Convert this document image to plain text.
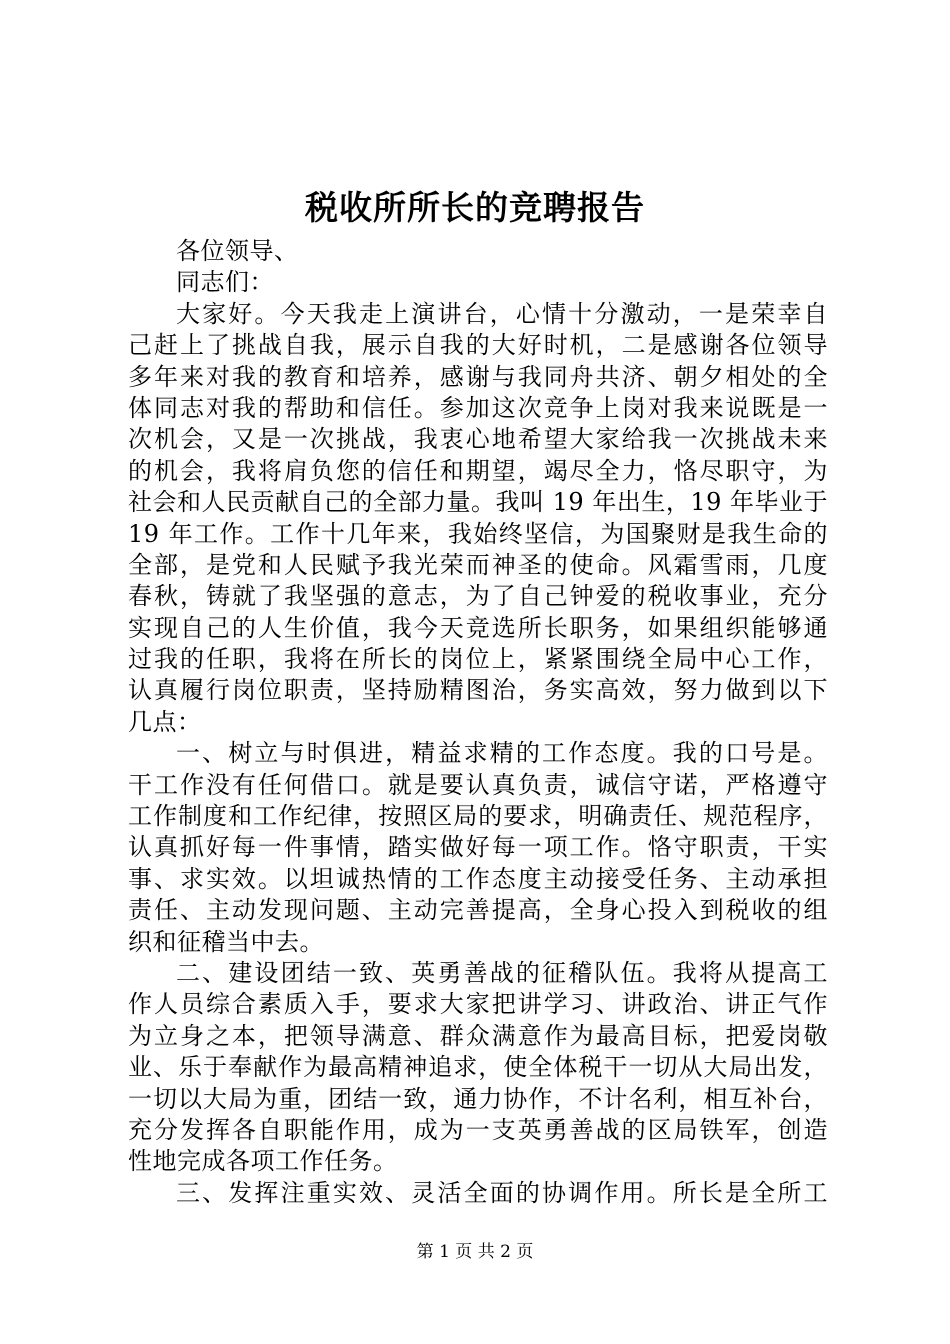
税收所所长的竞聘报告
各位领导、
同志们：
大家好。今天我走上演讲台，心情十分激动，一是荣幸自
己赶上了挑战自我，展示自我的大好时机，二是感谢各位领导
多年来对我的教育和培养，感谢与我同舟共济、朝夕相处的全
体同志对我的帮助和信任。参加这次竞争上岗对我来说既是一
次机会，又是一次挑战，我衷心地希望大家给我一次挑战未来
的机会，我将肩负您的信任和期望，竭尽全力，恪尽职守，为
社会和人民贡献自己的全部力量。我叫 19 年出生，19 年毕业于
19 年工作。工作十几年来，我始终坚信，为国聚财是我生命的
全部，是党和人民赋予我光荣而神圣的使命。风霜雪雨，几度
春秋，铸就了我坚强的意志，为了自己钟爱的税收事业，充分
实现自己的人生价值，我今天竞选所长职务，如果组织能够通
过我的任职，我将在所长的岗位上，紧紧围绕全局中心工作，
认真履行岗位职责，坚持励精图治，务实高效，努力做到以下
几点：
一、树立与时俱进，精益求精的工作态度。我的口号是。
干工作没有任何借口。就是要认真负责，诚信守诺，严格遵守
工作制度和工作纪律，按照区局的要求，明确责任、规范程序，
认真抓好每一件事情，踏实做好每一项工作。恪守职责，干实
事、求实效。以坦诚热情的工作态度主动接受任务、主动承担
责任、主动发现问题、主动完善提高，全身心投入到税收的组
织和征稽当中去。
二、建设团结一致、英勇善战的征稽队伍。我将从提高工
作人员综合素质入手，要求大家把讲学习、讲政治、讲正气作
为立身之本，把领导满意、群众满意作为最高目标，把爱岗敬
业、乐于奉献作为最高精神追求，使全体税干一切从大局出发，
一切以大局为重，团结一致，通力协作，不计名利，相互补台，
充分发挥各自职能作用，成为一支英勇善战的区局铁军，创造
性地完成各项工作任务。
三、发挥注重实效、灵活全面的协调作用。所长是全所工
第 1 页 共 2 页
